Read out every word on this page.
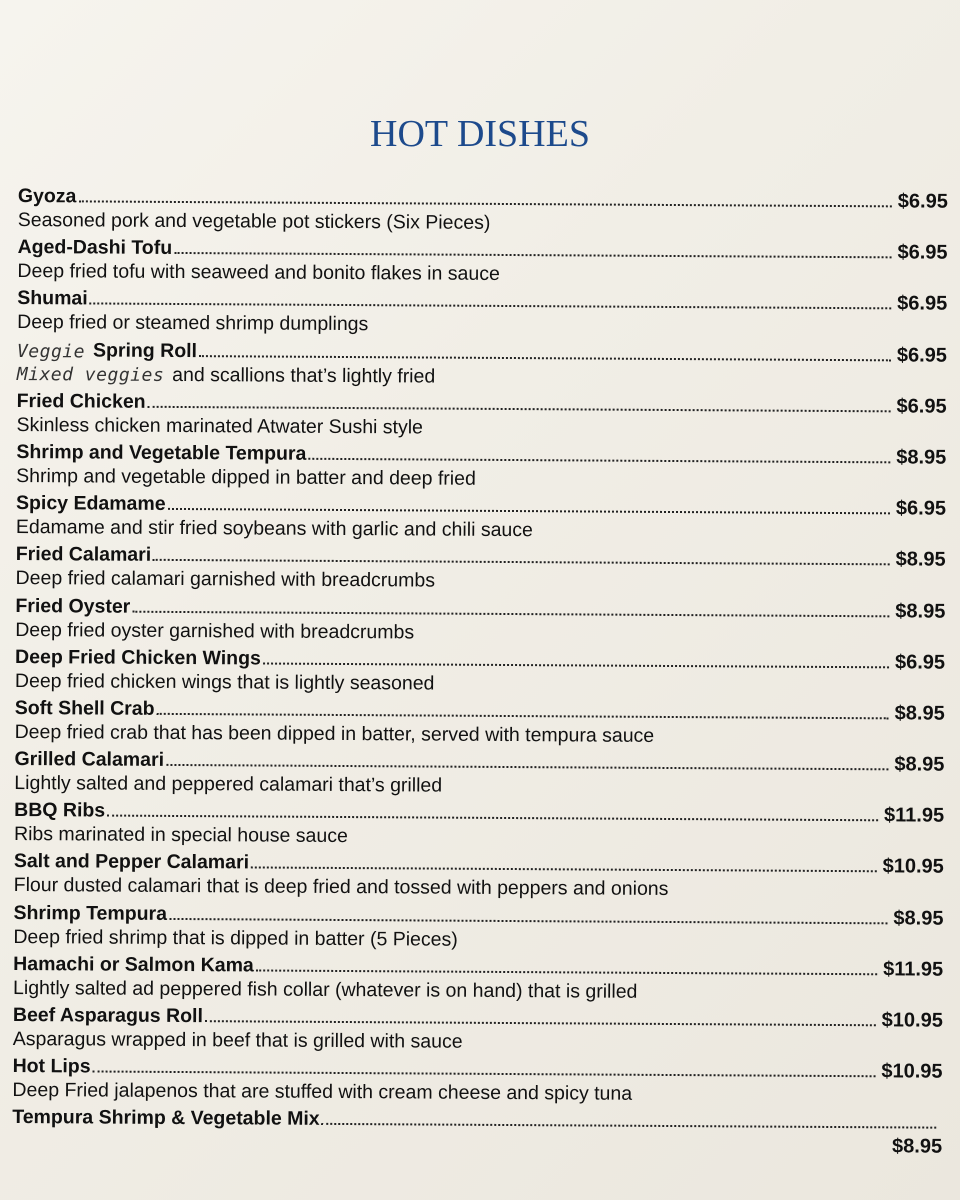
HOT DISHES
Gyoza	$6.95
Seasoned pork and vegetable pot stickers (Six Pieces)
Aged-Dashi Tofu	$6.95
Deep fried tofu with seaweed and bonito flakes in sauce
Shumai	$6.95
Deep fried or steamed shrimp dumplings
Veggie Spring Roll	$6.95
Mixed veggies and scallions that’s lightly fried
Fried Chicken	$6.95
Skinless chicken marinated Atwater Sushi style
Shrimp and Vegetable Tempura	$8.95
Shrimp and vegetable dipped in batter and deep fried
Spicy Edamame	$6.95
Edamame and stir fried soybeans with garlic and chili sauce
Fried Calamari	$8.95
Deep fried calamari garnished with breadcrumbs
Fried Oyster	$8.95
Deep fried oyster garnished with breadcrumbs
Deep Fried Chicken Wings	$6.95
Deep fried chicken wings that is lightly seasoned
Soft Shell Crab	$8.95
Deep fried crab that has been dipped in batter, served with tempura sauce
Grilled Calamari	$8.95
Lightly salted and peppered calamari that’s grilled
BBQ Ribs	$11.95
Ribs marinated in special house sauce
Salt and Pepper Calamari	$10.95
Flour dusted calamari that is deep fried and tossed with peppers and onions
Shrimp Tempura	$8.95
Deep fried shrimp that is dipped in batter (5 Pieces)
Hamachi or Salmon Kama	$11.95
Lightly salted ad peppered fish collar (whatever is on hand) that is grilled
Beef Asparagus Roll	$10.95
Asparagus wrapped in beef that is grilled with sauce
Hot Lips	$10.95
Deep Fried jalapenos that are stuffed with cream cheese and spicy tuna
Tempura Shrimp & Vegetable Mix
$8.95
